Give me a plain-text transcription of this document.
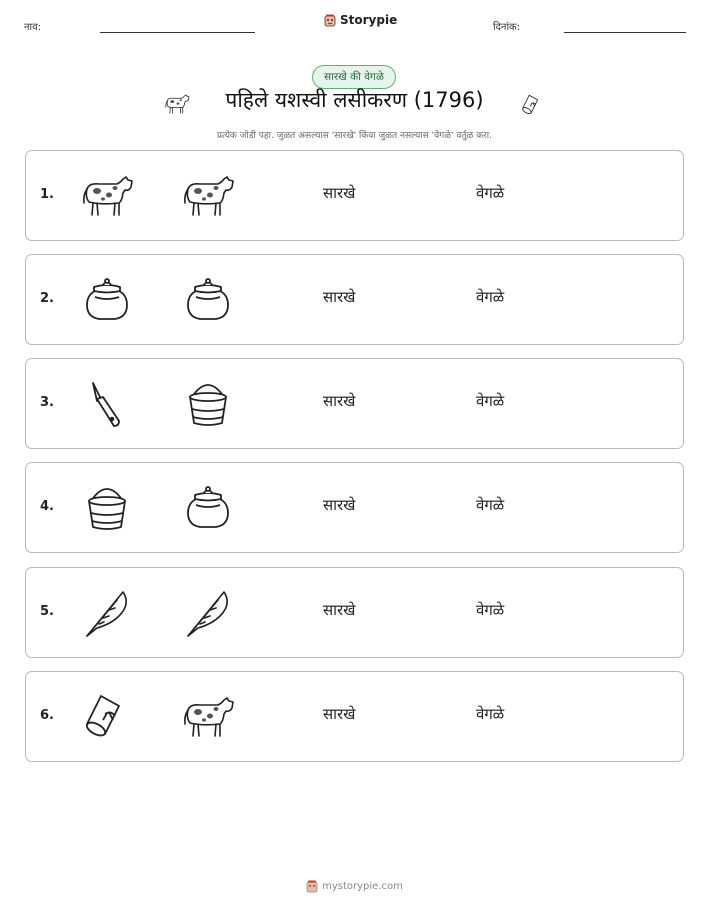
नाव:
Storypie
दिनांक:
सारखे की वेगळे
पहिले यशस्वी लसीकरण (1796)
प्रत्येक जोडी पहा. जुळत असल्यास 'सारखे' किंवा जुळत नसल्यास 'वेगळे' वर्तुळ करा.
1.	सारखे	वेगळे
2.	सारखे	वेगळे
3.	सारखे	वेगळे
4.	सारखे	वेगळे
5.	सारखे	वेगळे
6.	सारखे	वेगळे
mystorypie.com
